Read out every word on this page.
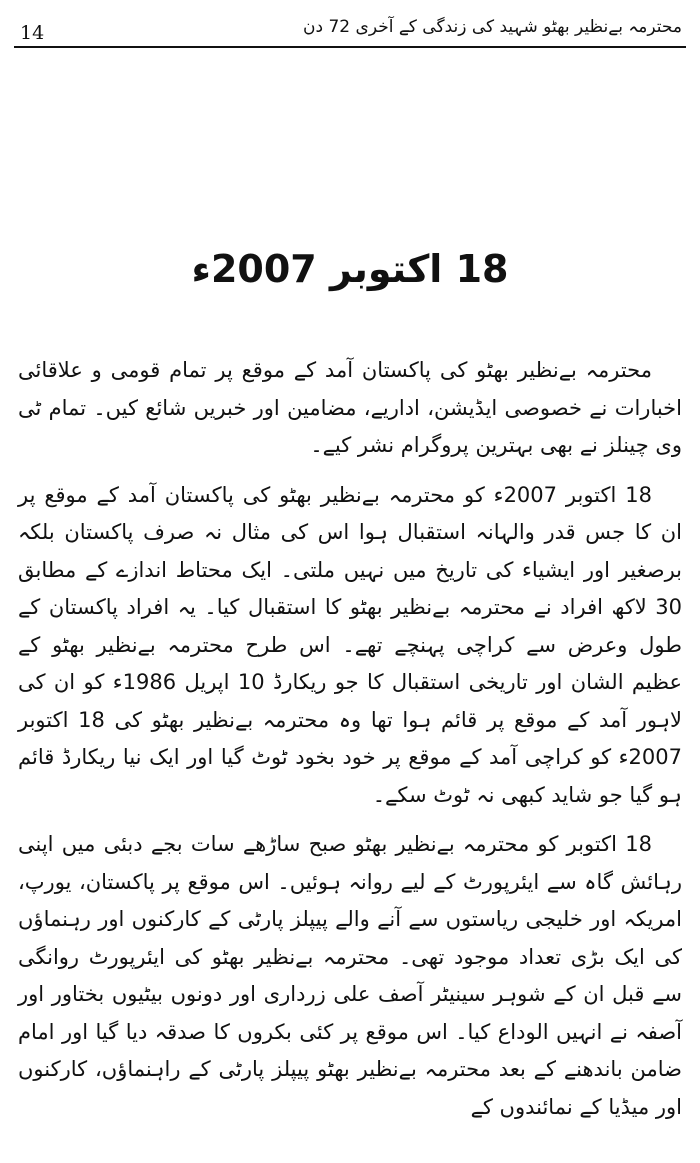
14	محترمہ بےنظیر بھٹو شہید کی زندگی کے آخری 72 دن
18 اکتوبر 2007ء

محترمہ بےنظیر بھٹو کی پاکستان آمد کے موقع پر تمام قومی و علاقائی اخبارات نے خصوصی ایڈیشن، اداریے، مضامین اور خبریں شائع کیں۔ تمام ٹی وی چینلز نے بھی بہترین پروگرام نشر کیے۔

18 اکتوبر 2007ء کو محترمہ بےنظیر بھٹو کی پاکستان آمد کے موقع پر ان کا جس قدر والہانہ استقبال ہوا اس کی مثال نہ صرف پاکستان بلکہ برصغیر اور ایشیاء کی تاریخ میں نہیں ملتی۔ ایک محتاط اندازے کے مطابق 30 لاکھ افراد نے محترمہ بےنظیر بھٹو کا استقبال کیا۔ یہ افراد پاکستان کے طول وعرض سے کراچی پہنچے تھے۔ اس طرح محترمہ بےنظیر بھٹو کے عظیم الشان اور تاریخی استقبال کا جو ریکارڈ 10 اپریل 1986ء کو ان کی لاہور آمد کے موقع پر قائم ہوا تھا وہ محترمہ بےنظیر بھٹو کی 18 اکتوبر 2007ء کو کراچی آمد کے موقع پر خود بخود ٹوٹ گیا اور ایک نیا ریکارڈ قائم ہو گیا جو شاید کبھی نہ ٹوٹ سکے۔

18 اکتوبر کو محترمہ بےنظیر بھٹو صبح ساڑھے سات بجے دبئی میں اپنی رہائش گاہ سے ایئرپورٹ کے لیے روانہ ہوئیں۔ اس موقع پر پاکستان، یورپ، امریکہ اور خلیجی ریاستوں سے آنے والے پیپلز پارٹی کے کارکنوں اور رہنماؤں کی ایک بڑی تعداد موجود تھی۔ محترمہ بےنظیر بھٹو کی ایئرپورٹ روانگی سے قبل ان کے شوہر سینیٹر آصف علی زرداری اور دونوں بیٹیوں بختاور اور آصفہ نے انہیں الوداع کیا۔ اس موقع پر کئی بکروں کا صدقہ دیا گیا اور امام ضامن باندھنے کے بعد محترمہ بےنظیر بھٹو پیپلز پارٹی کے راہنماؤں، کارکنوں اور میڈیا کے نمائندوں کے
